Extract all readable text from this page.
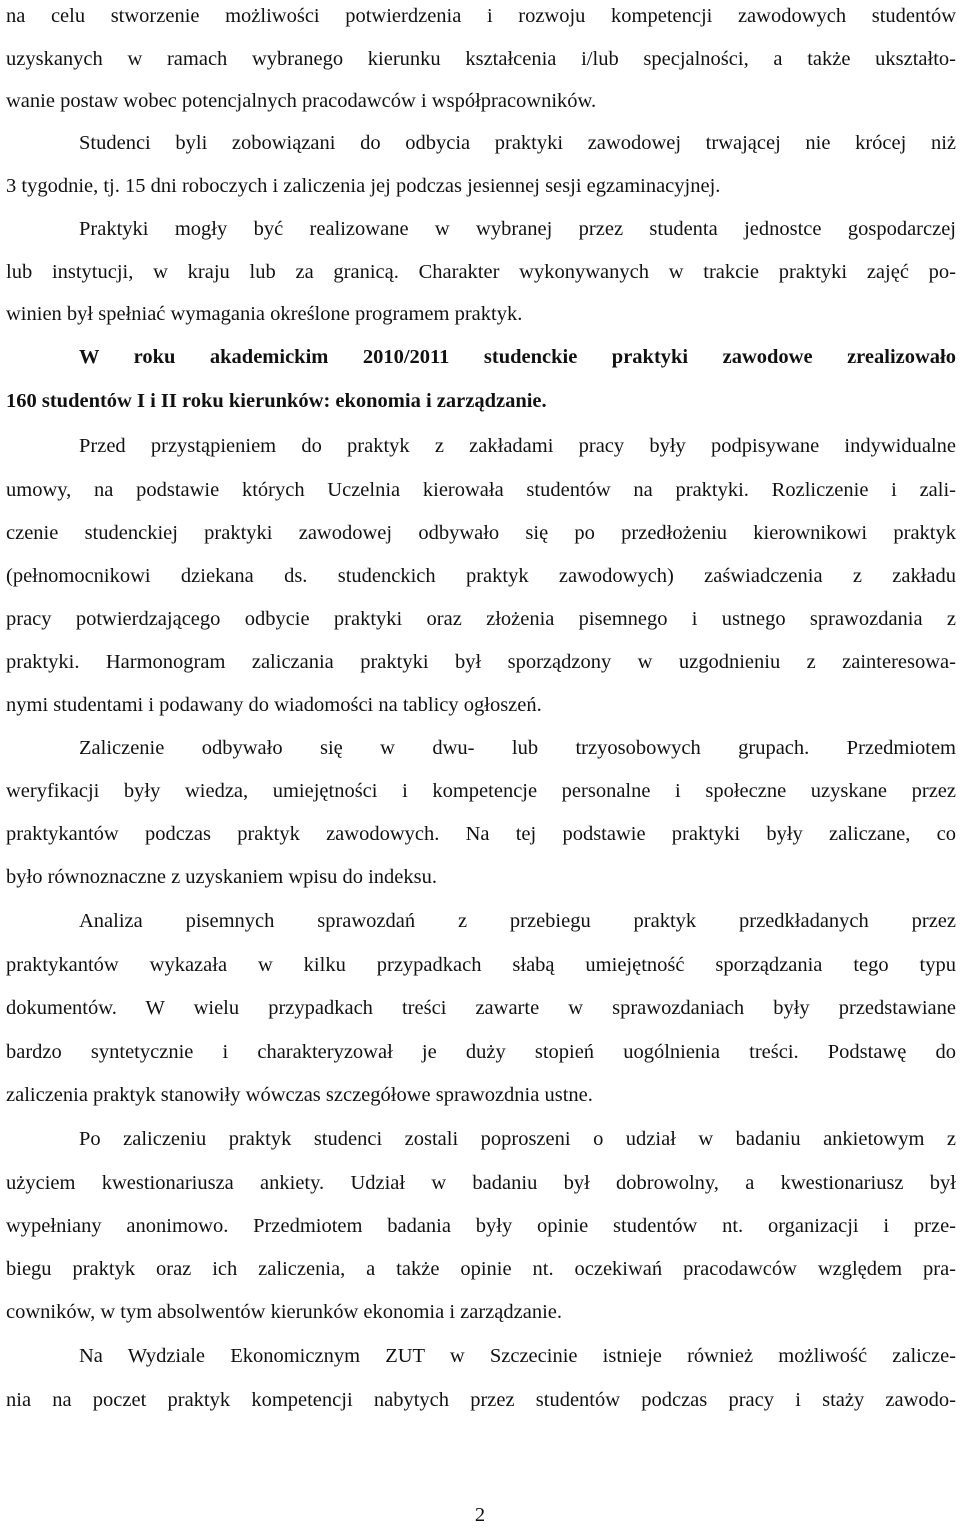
na celu stworzenie możliwości potwierdzenia i rozwoju kompetencji zawodowych studentów
uzyskanych w ramach wybranego kierunku kształcenia i/lub specjalności, a także ukształto-
wanie postaw wobec potencjalnych pracodawców i współpracowników.
Studenci byli zobowiązani do odbycia praktyki zawodowej trwającej nie krócej niż
3 tygodnie, tj. 15 dni roboczych i zaliczenia jej podczas jesiennej sesji egzaminacyjnej.
Praktyki mogły być realizowane w wybranej przez studenta jednostce gospodarczej
lub instytucji, w kraju lub za granicą. Charakter wykonywanych w trakcie praktyki zajęć po-
winien był spełniać wymagania określone programem praktyk.
W roku akademickim 2010/2011 studenckie praktyki zawodowe zrealizowało
160 studentów I i II roku kierunków: ekonomia i zarządzanie.
Przed przystąpieniem do praktyk z zakładami pracy były podpisywane indywidualne
umowy, na podstawie których Uczelnia kierowała studentów na praktyki. Rozliczenie i zali-
czenie studenckiej praktyki zawodowej odbywało się po przedłożeniu kierownikowi praktyk
(pełnomocnikowi dziekana ds. studenckich praktyk zawodowych) zaświadczenia z zakładu
pracy potwierdzającego odbycie praktyki oraz złożenia pisemnego i ustnego sprawozdania z
praktyki. Harmonogram zaliczania praktyki był sporządzony w uzgodnieniu z zainteresowa-
nymi studentami i podawany do wiadomości na tablicy ogłoszeń.
Zaliczenie odbywało się w dwu- lub trzyosobowych grupach. Przedmiotem
weryfikacji były wiedza, umiejętności i kompetencje personalne i społeczne uzyskane przez
praktykantów podczas praktyk zawodowych. Na tej podstawie praktyki były zaliczane, co
było równoznaczne z uzyskaniem wpisu do indeksu.
Analiza pisemnych sprawozdań z przebiegu praktyk przedkładanych przez
praktykantów wykazała w kilku przypadkach słabą umiejętność sporządzania tego typu
dokumentów. W wielu przypadkach treści zawarte w sprawozdaniach były przedstawiane
bardzo syntetycznie i charakteryzował je duży stopień uogólnienia treści. Podstawę do
zaliczenia praktyk stanowiły wówczas szczegółowe sprawozdnia ustne.
Po zaliczeniu praktyk studenci zostali poproszeni o udział w badaniu ankietowym z
użyciem kwestionariusza ankiety. Udział w badaniu był dobrowolny, a kwestionariusz był
wypełniany anonimowo. Przedmiotem badania były opinie studentów nt. organizacji i prze-
biegu praktyk oraz ich zaliczenia, a także opinie nt. oczekiwań pracodawców względem pra-
cowników, w tym absolwentów kierunków ekonomia i zarządzanie.
Na Wydziale Ekonomicznym ZUT w Szczecinie istnieje również możliwość zalicze-
nia na poczet praktyk kompetencji nabytych przez studentów podczas pracy i staży zawodo-
2
